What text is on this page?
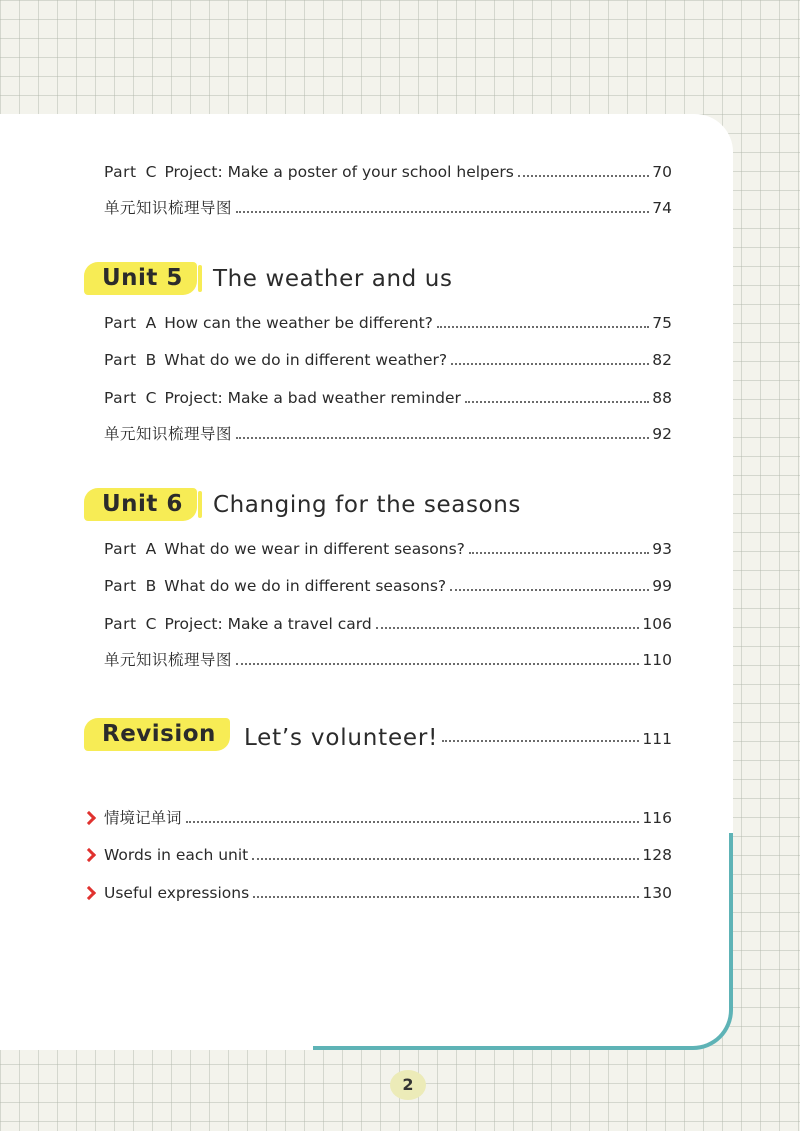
Part C Project: Make a poster of your school helpers	70
单元知识梳理导图	74
Unit 5	The weather and us
Part A How can the weather be different?	75
Part B What do we do in different weather?	82
Part C Project: Make a bad weather reminder	88
单元知识梳理导图	92
Unit 6	Changing for the seasons
Part A What do we wear in different seasons?	93
Part B What do we do in different seasons?	99
Part C Project: Make a travel card	106
单元知识梳理导图	110
Revision	Let’s volunteer!	111
情境记单词	116
Words in each unit	128
Useful expressions	130
2
